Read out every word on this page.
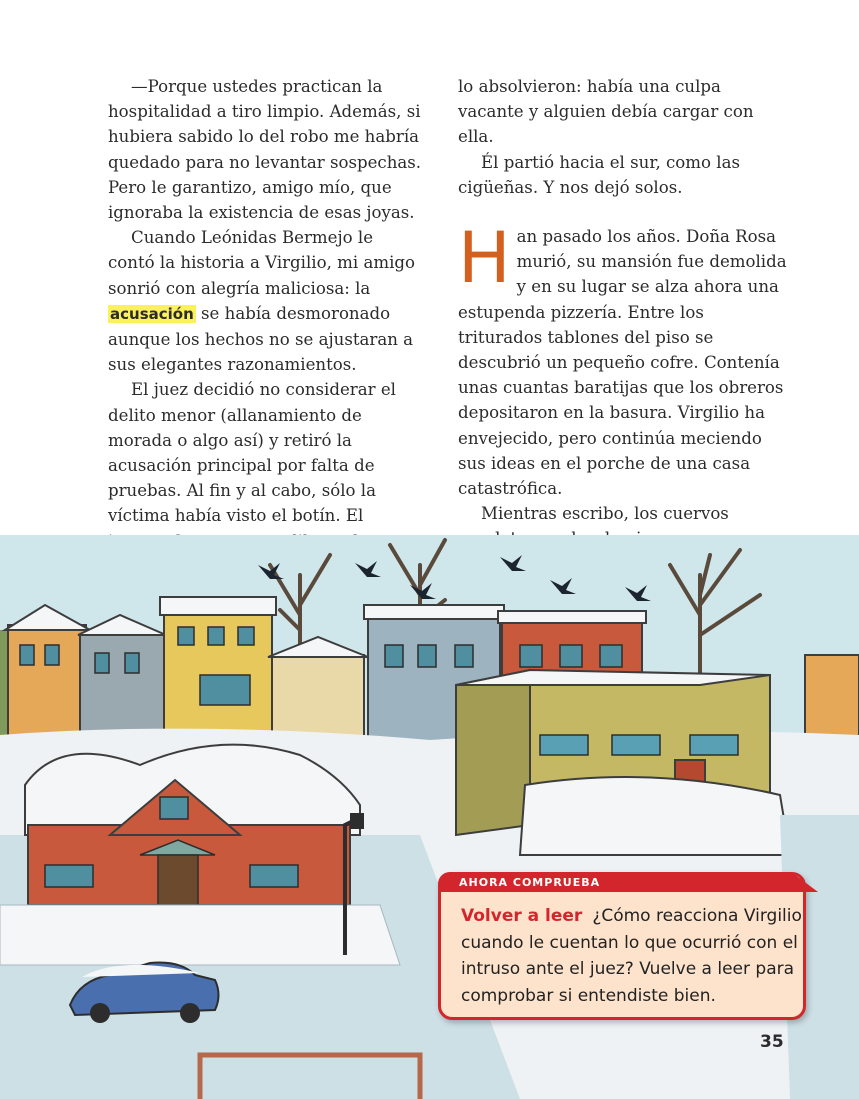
—Porque ustedes practican la hospitalidad a tiro limpio. Además, si hubiera sabido lo del robo me habría quedado para no levantar sospechas. Pero le garantizo, amigo mío, que ignoraba la existencia de esas joyas.

Cuando Leónidas Bermejo le contó la historia a Virgilio, mi amigo sonrió con alegría maliciosa: la acusación se había desmoronado aunque los hechos no se ajustaran a sus elegantes razonamientos.

El juez decidió no considerar el delito menor (allanamiento de morada o algo así) y retiró la acusación principal por falta de pruebas. Al fin y al cabo, sólo la víctima había visto el botín. El

lo absolvieron: había una culpa vacante y alguien debía cargar con ella.

Él partió hacia el sur, como las cigüeñas. Y nos dejó solos.

Han pasado los años. Doña Rosa murió, su mansión fue demolida y en su lugar se alza ahora una estupenda pizzería. Entre los triturados tablones del piso se descubrió un pequeño cofre. Contenía unas cuantas baratijas que los obreros depositaron en la basura. Virgilio ha envejecido, pero continúa meciendo sus ideas en el porche de una casa catastrófica.

Mientras escribo, los cuervos

AHORA COMPRUEBA
Volver a leer ¿Cómo reacciona Virgilio cuando le cuentan lo que ocurrió con el intruso ante el juez? Vuelve a leer para comprobar si entendiste bien.
35
